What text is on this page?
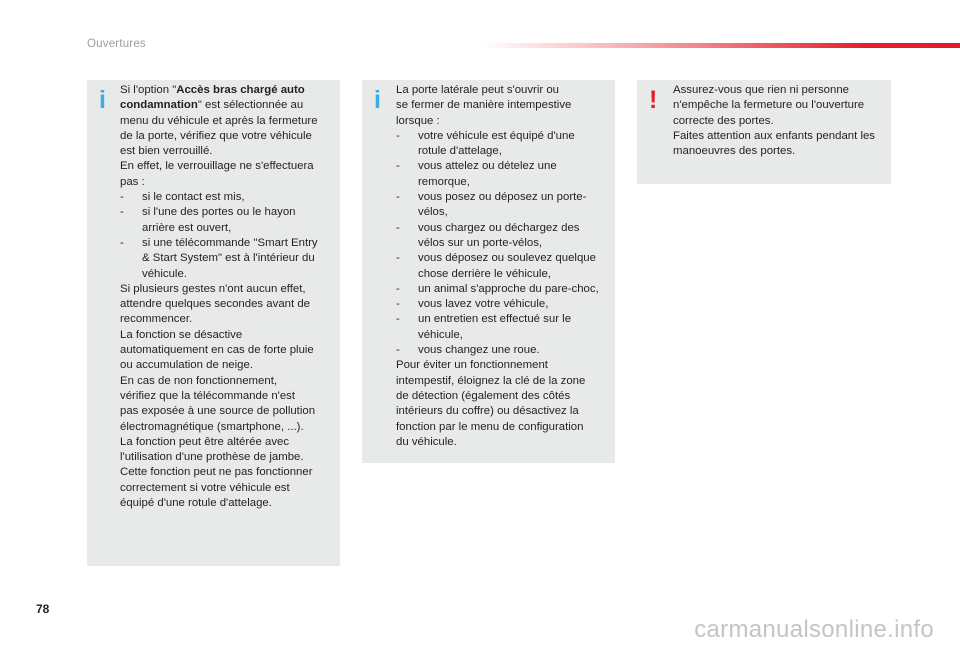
Ouvertures
i Si l'option "Accès bras chargé auto
condamnation" est sélectionnée au
menu du véhicule et après la fermeture
de la porte, vérifiez que votre véhicule
est bien verrouillé.
En effet, le verrouillage ne s'effectuera
pas :
- si le contact est mis,
- si l'une des portes ou le hayon
arrière est ouvert,
- si une télécommande "Smart Entry
& Start System" est à l'intérieur du
véhicule.
Si plusieurs gestes n'ont aucun effet,
attendre quelques secondes avant de
recommencer.
La fonction se désactive
automatiquement en cas de forte pluie
ou accumulation de neige.
En cas de non fonctionnement,
vérifiez que la télécommande n'est
pas exposée à une source de pollution
électromagnétique (smartphone, ...).
La fonction peut être altérée avec
l'utilisation d'une prothèse de jambe.
Cette fonction peut ne pas fonctionner
correctement si votre véhicule est
équipé d'une rotule d'attelage.
i La porte latérale peut s'ouvrir ou
se fermer de manière intempestive
lorsque :
- votre véhicule est équipé d'une
rotule d'attelage,
- vous attelez ou dételez une
remorque,
- vous posez ou déposez un porte-
vélos,
- vous chargez ou déchargez des
vélos sur un porte-vélos,
- vous déposez ou soulevez quelque
chose derrière le véhicule,
- un animal s'approche du pare-choc,
- vous lavez votre véhicule,
- un entretien est effectué sur le
véhicule,
- vous changez une roue.
Pour éviter un fonctionnement
intempestif, éloignez la clé de la zone
de détection (également des côtés
intérieurs du coffre) ou désactivez la
fonction par le menu de configuration
du véhicule.
! Assurez-vous que rien ni personne
n'empêche la fermeture ou l'ouverture
correcte des portes.
Faites attention aux enfants pendant les
manoeuvres des portes.
78
carmanualsonline.info
